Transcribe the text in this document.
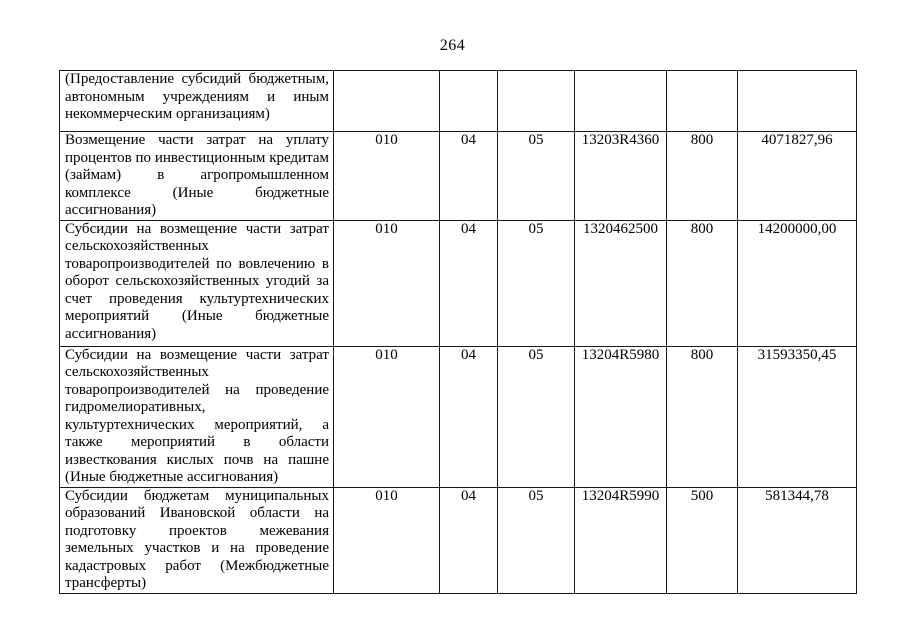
264
(Предоставление субсидий бюджетным, автономным учреждениям и иным некоммерческим организациям)						
Возмещение части затрат на уплату процентов по инвестиционным кредитам (займам) в агропромышленном комплексе (Иные бюджетные ассигнования)	010	04	05	13203R4360	800	4071827,96
Субсидии на возмещение части затрат сельскохозяйственных товаропроизводителей по вовлечению в оборот сельскохозяйственных угодий за счет проведения культуртехнических мероприятий (Иные бюджетные ассигнования)	010	04	05	1320462500	800	14200000,00
Субсидии на возмещение части затрат сельскохозяйственных товаропроизводителей на проведение гидромелиоративных, культуртехнических мероприятий, а также мероприятий в области известкования кислых почв на пашне (Иные бюджетные ассигнования)	010	04	05	13204R5980	800	31593350,45
Субсидии бюджетам муниципальных образований Ивановской области на подготовку проектов межевания земельных участков и на проведение кадастровых работ (Межбюджетные трансферты)	010	04	05	13204R5990	500	581344,78
